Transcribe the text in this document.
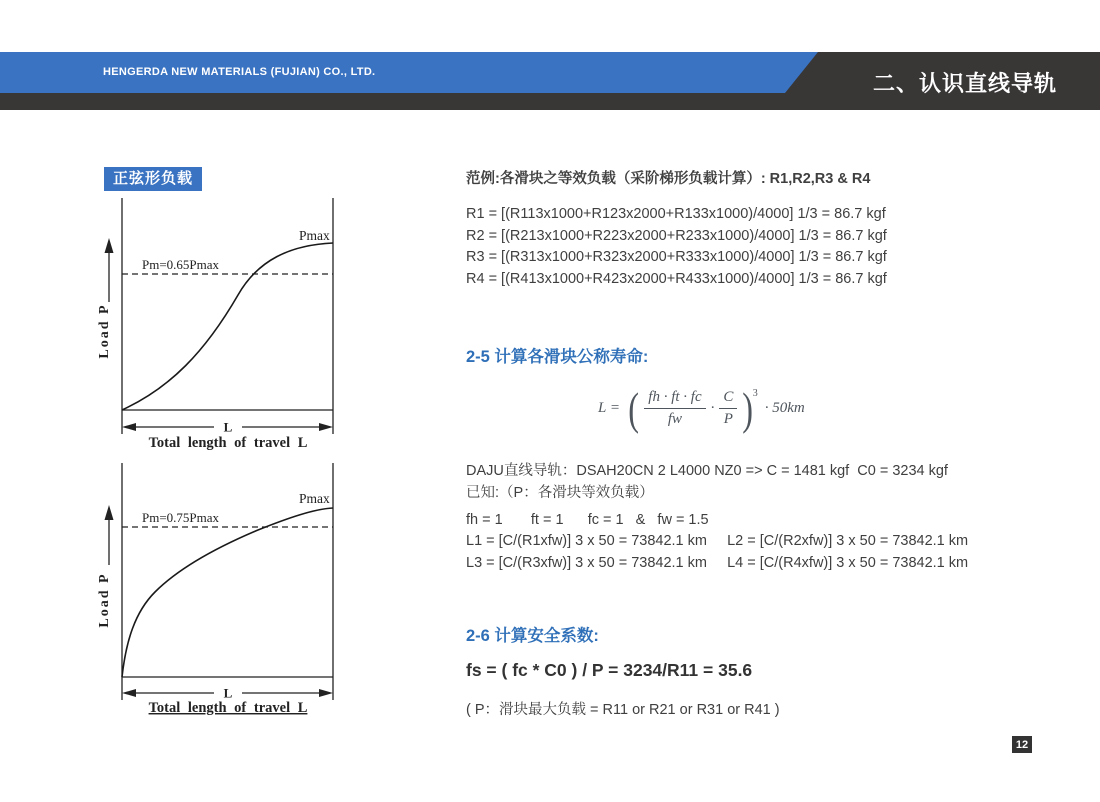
HENGERDA NEW MATERIALS (FUJIAN) CO., LTD.	二、认识直线导轨
正弦形负载
Load P
Pm=0.65Pmax
Pmax
L
Total length of travel L
Load P
Pm=0.75Pmax
Pmax
L
Total length of travel L
范例:各滑块之等效负载（采阶梯形负载计算）: R1,R2,R3 & R4
R1 = [(R113x1000+R123x2000+R133x1000)/4000] 1/3 = 86.7 kgf
R2 = [(R213x1000+R223x2000+R233x1000)/4000] 1/3 = 86.7 kgf
R3 = [(R313x1000+R323x2000+R333x1000)/4000] 1/3 = 86.7 kgf
R4 = [(R413x1000+R423x2000+R433x1000)/4000] 1/3 = 86.7 kgf
2-5 计算各滑块公称寿命:
L = ( $\frac{fh \cdot ft \cdot fc}{fw} \cdot \frac{C}{P} )^3$
· 50km
DAJU直线导轨：DSAH20CN 2 L4000 NZ0 => C = 1481 kgf  C0 = 3234 kgf
已知:（P：各滑块等效负载）
fh = 1       ft = 1      fc = 1   &   fw = 1.5
L1 = [C/(R1xfw)] 3 x 50 = 73842.1 km     L2 = [C/(R2xfw)] 3 x 50 = 73842.1 km
L3 = [C/(R3xfw)] 3 x 50 = 73842.1 km     L4 = [C/(R4xfw)] 3 x 50 = 73842.1 km
2-6 计算安全系数:
fs = ( fc * C0 ) / P = 3234/R11 = 35.6
( P：滑块最大负载 = R11 or R21 or R31 or R41 )
12
